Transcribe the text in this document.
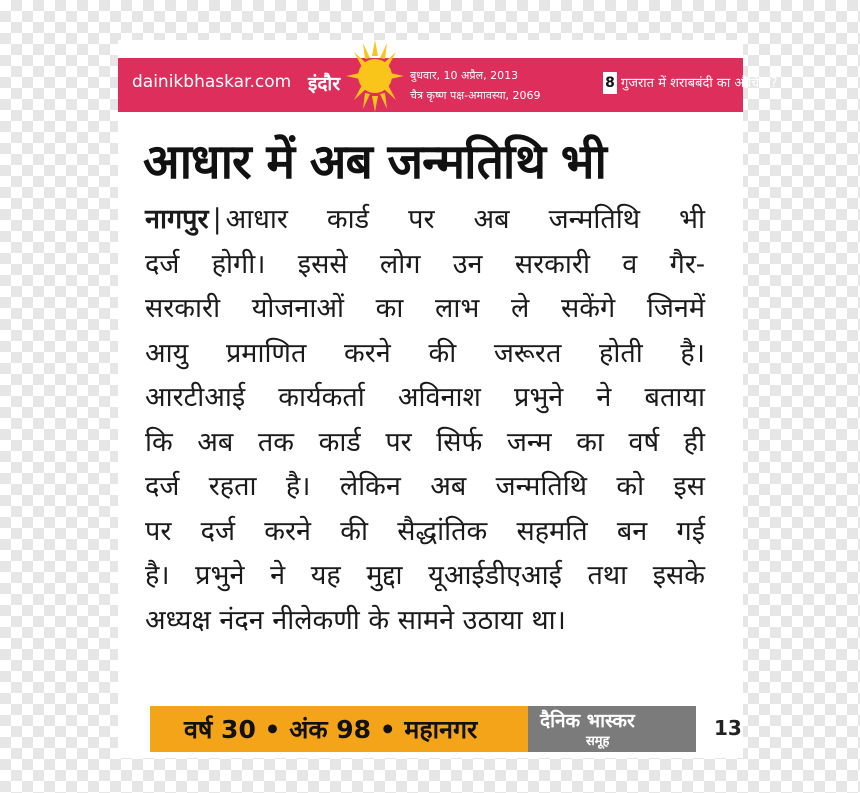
dainikbhaskar.com इंदौर	बुधवार, 10 अप्रैल, 2013
चैत्र कृष्ण पक्ष-अमावस्या, 2069
8 गुजरात में शराबबंदी का औचित्य?
आधार में अब जन्मतिथि भी
नागपुर | आधार कार्ड पर अब जन्मतिथि भी
दर्ज होगी। इससे लोग उन सरकारी व गैर-
सरकारी योजनाओं का लाभ ले सकेंगे जिनमें
आयु प्रमाणित करने की जरूरत होती है।
आरटीआई कार्यकर्ता अविनाश प्रभुने ने बताया
कि अब तक कार्ड पर सिर्फ जन्म का वर्ष ही
दर्ज रहता है। लेकिन अब जन्मतिथि को इस
पर दर्ज करने की सैद्धांतिक सहमति बन गई
है। प्रभुने ने यह मुद्दा यूआईडीएआई तथा इसके
अध्यक्ष नंदन नीलेकणी के सामने उठाया था।
वर्ष 30 • अंक 98 • महानगर	दैनिक भास्कर
समूह
13
